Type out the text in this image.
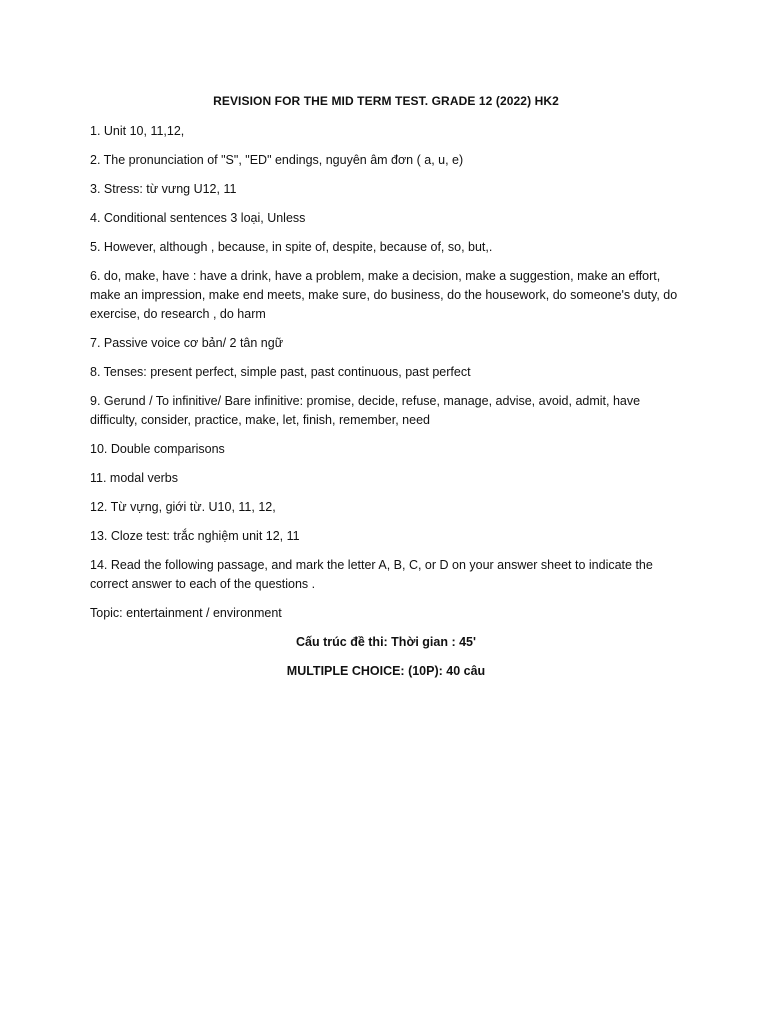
REVISION FOR THE MID TERM TEST. GRADE 12 (2022) HK2

1. Unit 10, 11,12,

2. The pronunciation of "S", "ED" endings, nguyên âm đơn ( a, u, e)

3. Stress: từ vưng U12, 11

4. Conditional sentences 3 loại, Unless

5. However, although , because, in spite of, despite, because of, so, but,.

6. do, make, have : have a drink, have a problem, make a decision, make a suggestion, make an effort, make an impression, make end meets, make sure, do business, do the housework, do someone's duty, do exercise, do research , do harm

7. Passive voice cơ bản/ 2 tân ngữ

8. Tenses: present perfect, simple past, past continuous, past perfect

9. Gerund / To infinitive/ Bare infinitive: promise, decide, refuse, manage, advise, avoid, admit, have difficulty, consider, practice, make, let, finish, remember, need

10. Double comparisons

11. modal verbs

12. Từ vựng, giới từ. U10, 11, 12,

13. Cloze test: trắc nghiệm unit 12, 11

14. Read the following passage, and mark the letter A, B, C, or D on your answer sheet to indicate the correct answer to each of the questions .

Topic: entertainment / environment

Cấu trúc đề thi: Thời gian : 45'

MULTIPLE CHOICE: (10P): 40 câu
